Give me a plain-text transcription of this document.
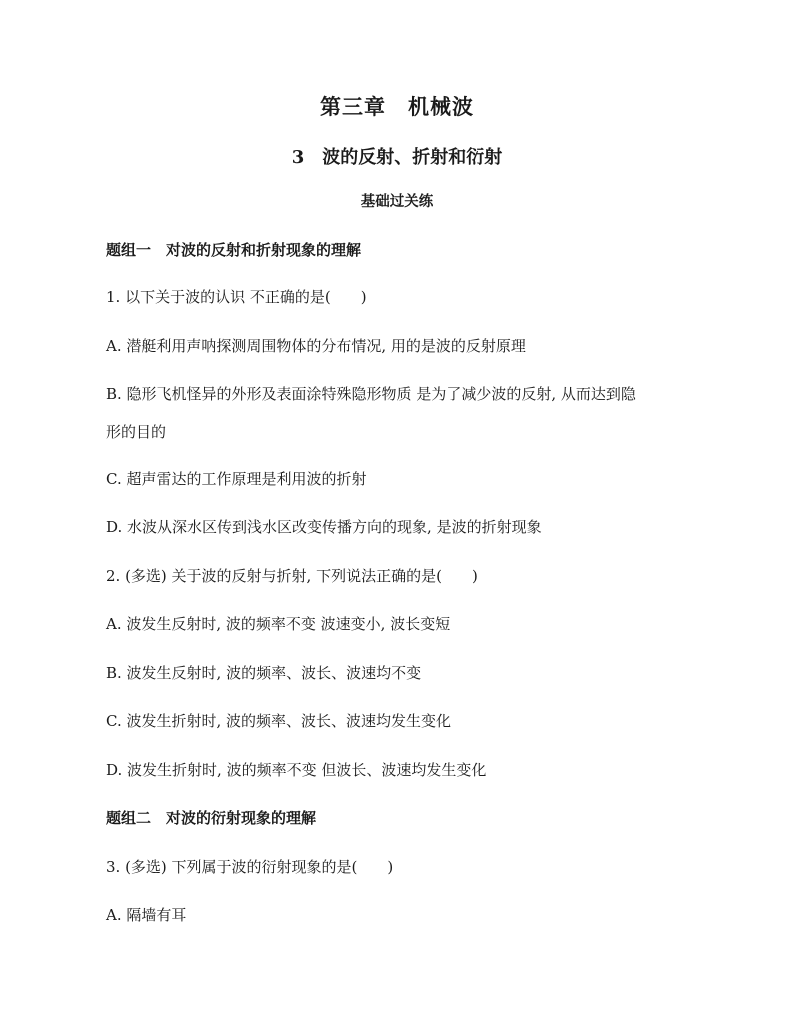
第三章　机械波
3　波的反射、折射和衍射
基础过关练
题组一　对波的反射和折射现象的理解
1. 以下关于波的认识 不正确的是(　　)
A. 潜艇利用声呐探测周围物体的分布情况, 用的是波的反射原理
B. 隐形飞机怪异的外形及表面涂特殊隐形物质 是为了减少波的反射, 从而达到隐
形的目的
C. 超声雷达的工作原理是利用波的折射
D. 水波从深水区传到浅水区改变传播方向的现象, 是波的折射现象
2. (多选) 关于波的反射与折射, 下列说法正确的是(　　)
A. 波发生反射时, 波的频率不变 波速变小, 波长变短
B. 波发生反射时, 波的频率、波长、波速均不变
C. 波发生折射时, 波的频率、波长、波速均发生变化
D. 波发生折射时, 波的频率不变 但波长、波速均发生变化
题组二　对波的衍射现象的理解
3. (多选) 下列属于波的衍射现象的是(　　)
A. 隔墙有耳
